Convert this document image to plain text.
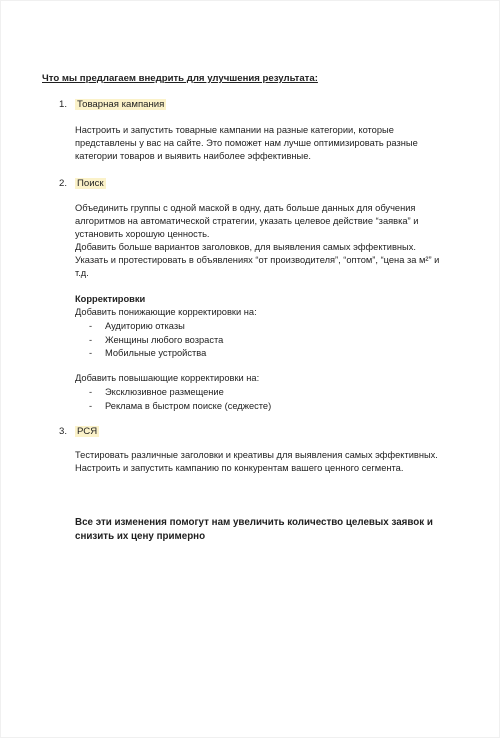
Что мы предлагаем внедрить для улучшения результата:
1. Товарная кампания

Настроить и запустить товарные кампании на разные категории, которые представлены у вас на сайте. Это поможет нам лучше оптимизировать разные категории товаров и выявить наиболее эффективные.

2. Поиск

Объединить группы с одной маской в одну, дать больше данных для обучения алгоритмов на автоматической стратегии, указать целевое действие “заявка” и установить хорошую ценность.

Добавить больше вариантов заголовков, для выявления самых эффективных.

Указать и протестировать в объявлениях “от производителя”, “оптом”, “цена за м²” и т.д.

Корректировки
Добавить понижающие корректировки на:
- Аудиторию отказы
- Женщины любого возраста
- Мобильные устройства
Добавить повышающие корректировки на:
- Эксклюзивное размещение
- Реклама в быстром поиске (седжесте)
3. РСЯ

Тестировать различные заголовки и креативы для выявления самых эффективных.

Настроить и запустить кампанию по конкурентам вашего ценного сегмента.

Все эти изменения помогут нам увеличить количество целевых заявок и снизить их цену примерно
